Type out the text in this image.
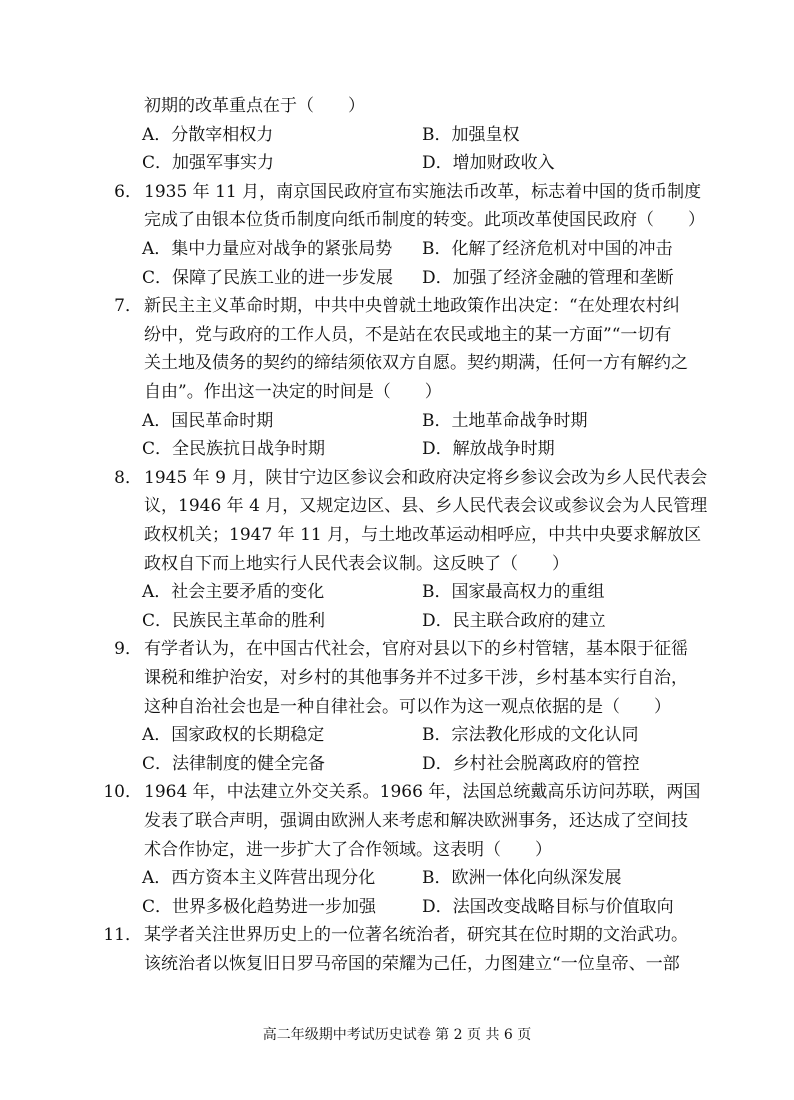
初期的改革重点在于（　　）
A．分散宰相权力	B．加强皇权
C．加强军事实力	D．增加财政收入
6． 1935 年 11 月，南京国民政府宣布实施法币改革，标志着中国的货币制度
完成了由银本位货币制度向纸币制度的转变。此项改革使国民政府（　　）
A．集中力量应对战争的紧张局势 B．化解了经济危机对中国的冲击
C．保障了民族工业的进一步发展 D．加强了经济金融的管理和垄断
7． 新民主主义革命时期，中共中央曾就土地政策作出决定：“在处理农村纠
纷中，党与政府的工作人员，不是站在农民或地主的某一方面”“一切有
关土地及债务的契约的缔结须依双方自愿。契约期满，任何一方有解约之
自由”。作出这一决定的时间是（　　）
A．国民革命时期	B．土地革命战争时期
C．全民族抗日战争时期	D．解放战争时期
8． 1945 年 9 月，陕甘宁边区参议会和政府决定将乡参议会改为乡人民代表会
议，1946 年 4 月，又规定边区、县、乡人民代表会议或参议会为人民管理
政权机关；1947 年 11 月，与土地改革运动相呼应，中共中央要求解放区
政权自下而上地实行人民代表会议制。这反映了（　　）
A．社会主要矛盾的变化	B．国家最高权力的重组
C．民族民主革命的胜利	D．民主联合政府的建立
9． 有学者认为，在中国古代社会，官府对县以下的乡村管辖，基本限于征徭
课税和维护治安，对乡村的其他事务并不过多干涉，乡村基本实行自治，
这种自治社会也是一种自律社会。可以作为这一观点依据的是（　　）
A．国家政权的长期稳定	B．宗法教化形成的文化认同
C．法律制度的健全完备	D．乡村社会脱离政府的管控
10． 1964 年，中法建立外交关系。1966 年，法国总统戴高乐访问苏联，两国
发表了联合声明，强调由欧洲人来考虑和解决欧洲事务，还达成了空间技
术合作协定，进一步扩大了合作领域。这表明（　　）
A．西方资本主义阵营出现分化	B．欧洲一体化向纵深发展
C．世界多极化趋势进一步加强	D．法国改变战略目标与价值取向
11． 某学者关注世界历史上的一位著名统治者，研究其在位时期的文治武功。
该统治者以恢复旧日罗马帝国的荣耀为己任，力图建立“一位皇帝、一部
高二年级期中考试历史试卷 第 2 页 共 6 页
